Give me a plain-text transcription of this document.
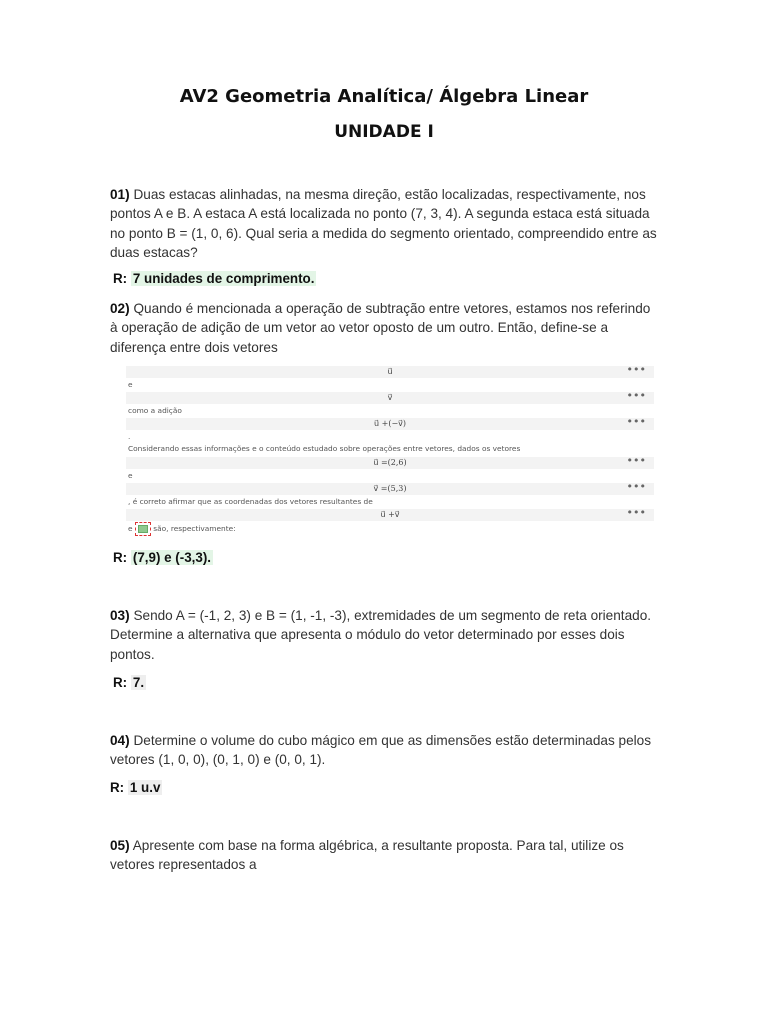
AV2 Geometria Analítica/ Álgebra Linear
UNIDADE I
01) Duas estacas alinhadas, na mesma direção, estão localizadas, respectivamente, nos pontos A e B. A estaca A está localizada no ponto (7, 3, 4). A segunda estaca está situada no ponto B = (1, 0, 6). Qual seria a medida do segmento orientado, compreendido entre as duas estacas?
R: 7 unidades de comprimento.
02) Quando é mencionada a operação de subtração entre vetores, estamos nos referindo à operação de adição de um vetor ao vetor oposto de um outro. Então, define-se a diferença entre dois vetores
u⃗	•••
e
v⃗	•••
como a adição
u⃗ +(−v⃗)	•••
.
Considerando essas informações e o conteúdo estudado sobre operações entre vetores, dados os vetores
u⃗ =(2,6)	•••
e
v⃗ =(5,3)	•••
, é correto afirmar que as coordenadas dos vetores resultantes de
u⃗ +v⃗	•••
e	são, respectivamente:
R: (7,9) e (-3,3).
03) Sendo A = (-1, 2, 3) e B = (1, -1, -3), extremidades de um segmento de reta orientado. Determine a alternativa que apresenta o módulo do vetor determinado por esses dois pontos.
R: 7.
04) Determine o volume do cubo mágico em que as dimensões estão determinadas pelos vetores (1, 0, 0), (0, 1, 0) e (0, 0, 1).
R: 1 u.v
05) Apresente com base na forma algébrica, a resultante proposta. Para tal, utilize os vetores representados a
